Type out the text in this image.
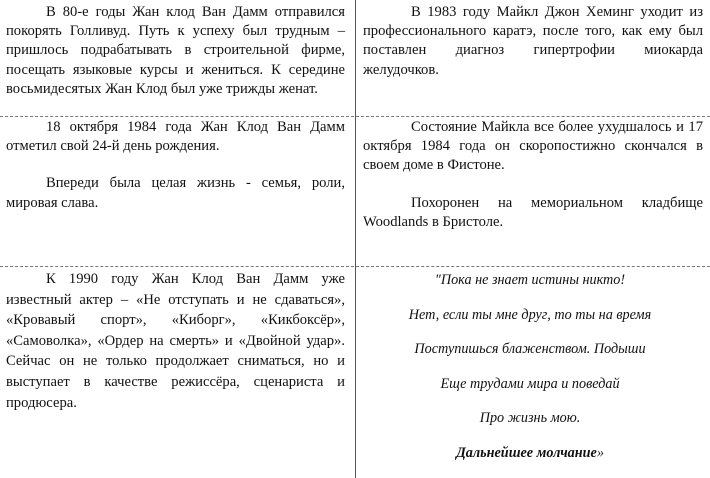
В 80-е годы Жан клод Ван Дамм отправился покорять Голливуд. Путь к успеху был трудным – пришлось подрабатывать в строительной фирме, посещать языковые курсы и жениться. К середине восьмидесятых Жан Клод был уже трижды женат.

В 1983 году Майкл Джон Хеминг уходит из профессионального каратэ, после того, как ему был поставлен диагноз гипертрофии миокарда желудочков.

18 октября 1984 года Жан Клод Ван Дамм отметил свой 24-й день рождения.

Впереди была целая жизнь - семья, роли, мировая слава.

Состояние Майкла все более ухудшалось и 17 октября 1984 года он скоропостижно скончался в своем доме в Фистоне.

Похоронен на мемориальном кладбище Woodlands в Бристоле.

К 1990 году Жан Клод Ван Дамм уже известный актер – «Не отступать и не сдаваться», «Кровавый спорт», «Киборг», «Кикбоксёр», «Самоволка», «Ордер на смерть» и «Двойной удар». Сейчас он не только продолжает сниматься, но и выступает в качестве режиссёра, сценариста и продюсера.

"Пока не знает истины никто!

Нет, если ты мне друг, то ты на время

Поступишься блаженством. Подыши

Еще трудами мира и поведай

Про жизнь мою.

Дальнейшее молчание»
